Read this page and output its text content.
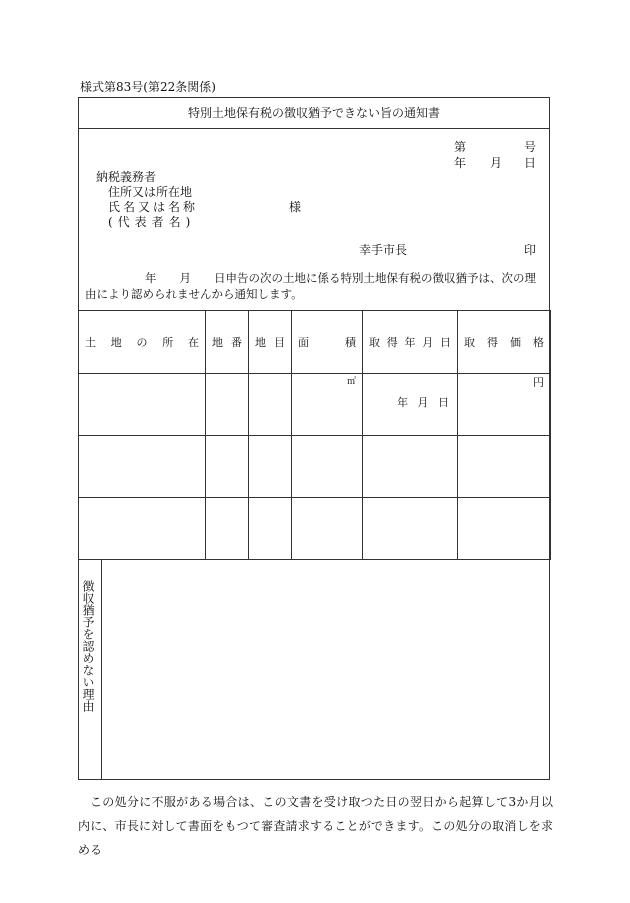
様式第83号(第22条関係)
特別土地保有税の徴収猶予できない旨の通知書
第	号
年 月 日
納税義務者
住所又は所在地
氏名又は名称	様
(代表者名)
幸手市長	印
年　　月　　日申告の次の土地に係る特別土地保有税の徴収猶予は、次の理由により認められませんから通知します。
土 地 の 所 在	地 番	地 目	面 積	取 得 年 月 日	取 得 価 格

			㎡	年 月 日	円

徴収猶予を認めない理由
この処分に不服がある場合は、この文書を受け取つた日の翌日から起算して3か月以内に、市長に対して書面をもつて審査請求することができます。この処分の取消しを求める
